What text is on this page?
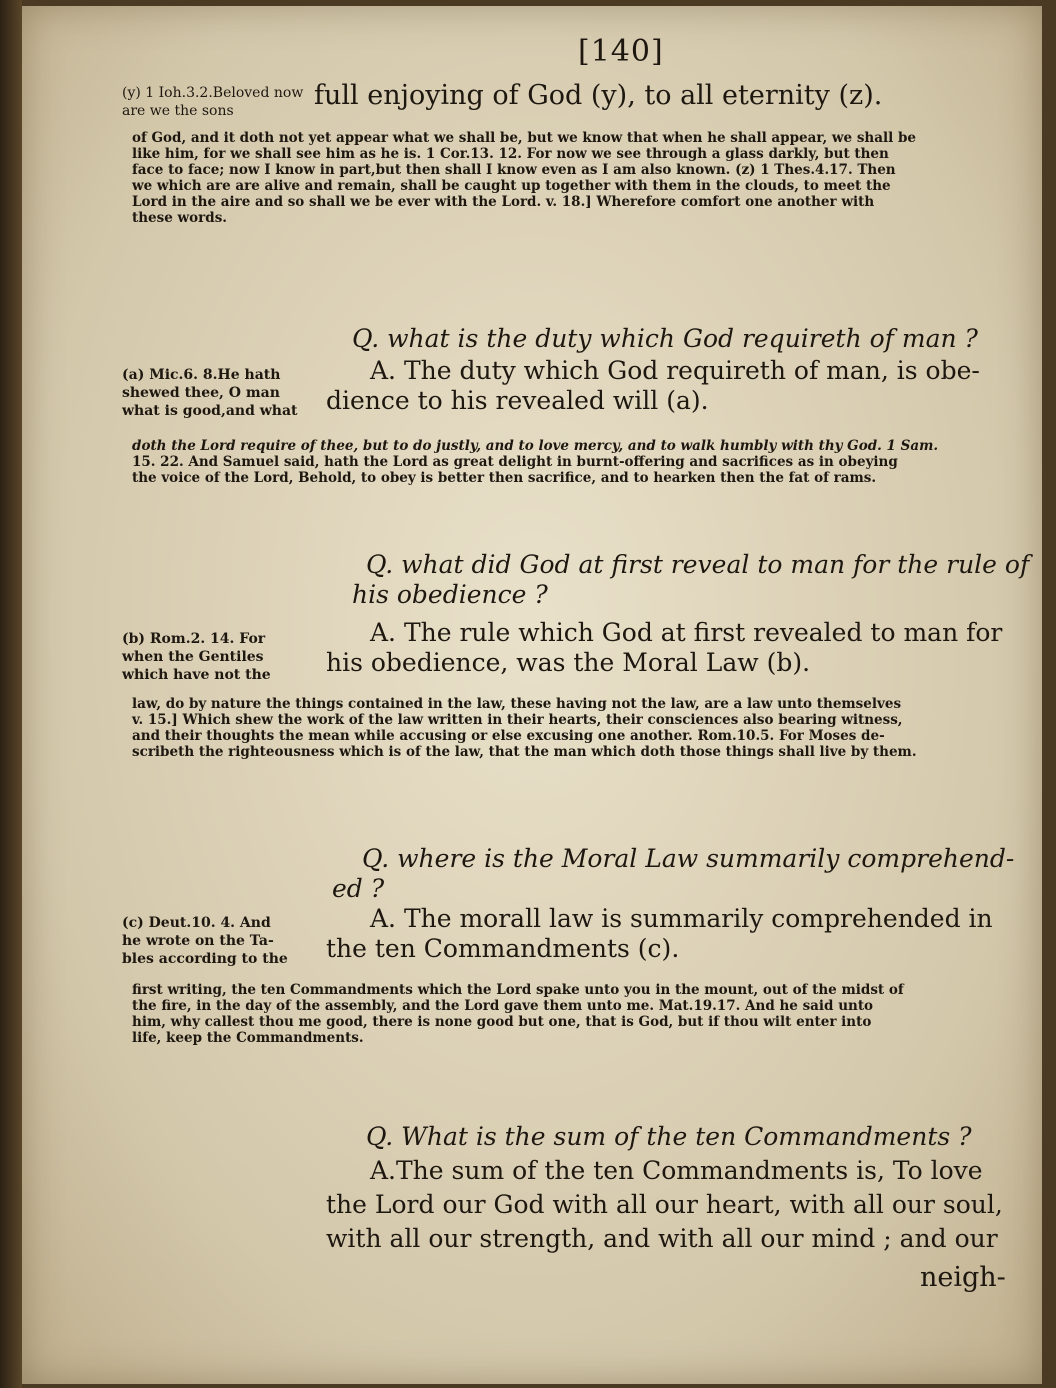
[140]
(y) 1 Ioh.3.2.Beloved now are we the sons	full enjoying of God (y), to all eternity (z).
of God, and it doth not yet appear what we shall be, but we know that when he shall appear, we shall be
like him, for we shall see him as he is. 1 Cor.13. 12. For now we see through a glass darkly, but then
face to face; now I know in part,but then shall I know even as I am also known. (z) 1 Thes.4.17. Then
we which are are alive and remain, shall be caught up together with them in the clouds, to meet the
Lord in the aire and so shall we be ever with the Lord. v. 18.] Wherefore comfort one another with
these words.
Q. what is the duty which God requireth of man ?
(a) Mic.6. 8.He hath
shewed thee, O man
what is good,and what
A. The duty which God requireth of man, is obe-
dience to his revealed will (a).
doth the Lord require of thee, but to do justly, and to love mercy, and to walk humbly with thy God. 1 Sam.
15. 22. And Samuel said, hath the Lord as great delight in burnt-offering and sacrifices as in obeying
the voice of the Lord, Behold, to obey is better then sacrifice, and to hearken then the fat of rams.
Q. what did God at first reveal to man for the rule of
his obedience ?
(b) Rom.2. 14. For
when the Gentiles
which have not the
A. The rule which God at first revealed to man for
his obedience, was the Moral Law (b).
law, do by nature the things contained in the law, these having not the law, are a law unto themselves
v. 15.] Which shew the work of the law written in their hearts, their consciences also bearing witness,
and their thoughts the mean while accusing or else excusing one another. Rom.10.5. For Moses de-
scribeth the righteousness which is of the law, that the man which doth those things shall live by them.
Q. where is the Moral Law summarily comprehend-
ed ?
(c) Deut.10. 4. And
he wrote on the Ta-
bles according to the
A. The morall law is summarily comprehended in
the ten Commandments (c).
first writing, the ten Commandments which the Lord spake unto you in the mount, out of the midst of
the fire, in the day of the assembly, and the Lord gave them unto me. Mat.19.17. And he said unto
him, why callest thou me good, there is none good but one, that is God, but if thou wilt enter into
life, keep the Commandments.
Q. What is the sum of the ten Commandments ?
A.The sum of the ten Commandments is, To love
the Lord our God with all our heart, with all our soul,
with all our strength, and with all our mind ; and our
neigh-
